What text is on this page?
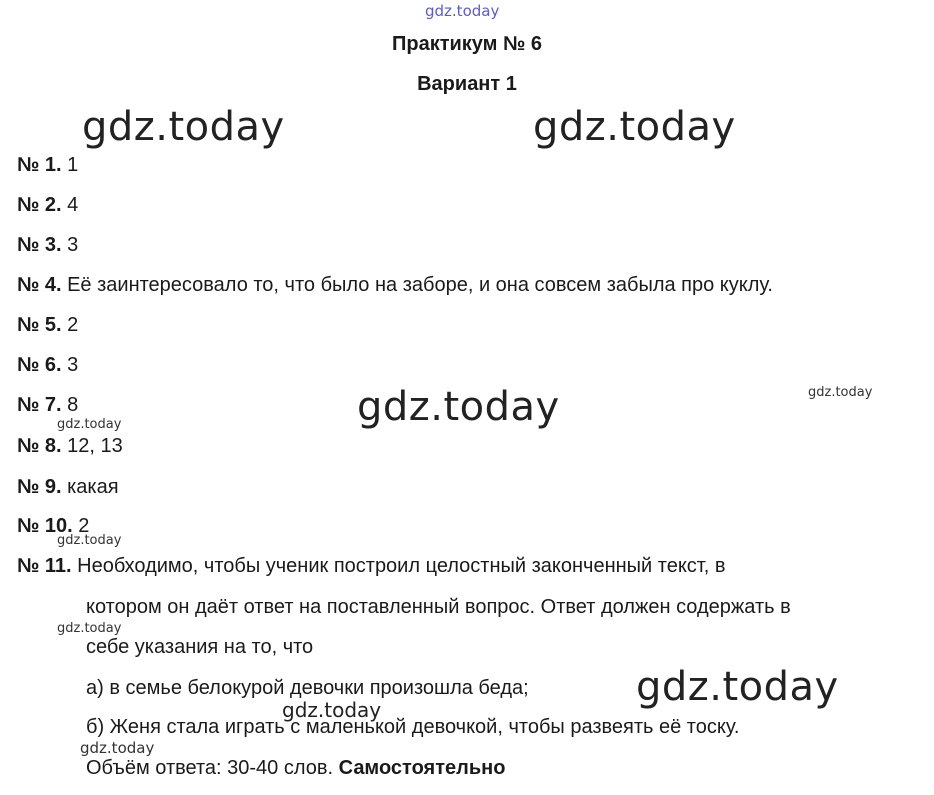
gdz.today
gdz.today	gdz.today
gdz.today
gdz.today
gdz.today
gdz.today
gdz.today
gdz.today
gdz.today
gdz.today
Практикум № 6
Вариант 1
№ 1. 1
№ 2. 4
№ 3. 3
№ 4. Её заинтересовало то, что было на заборе, и она совсем забыла про куклу.
№ 5. 2
№ 6. 3
№ 7. 8
№ 8. 12, 13
№ 9. какая
№ 10. 2
№ 11. Необходимо, чтобы ученик построил целостный законченный текст, в
котором он даёт ответ на поставленный вопрос. Ответ должен содержать в
себе указания на то, что
а) в семье белокурой девочки произошла беда;
б) Женя стала играть с маленькой девочкой, чтобы развеять её тоску.
Объём ответа: 30-40 слов. Самостоятельно
